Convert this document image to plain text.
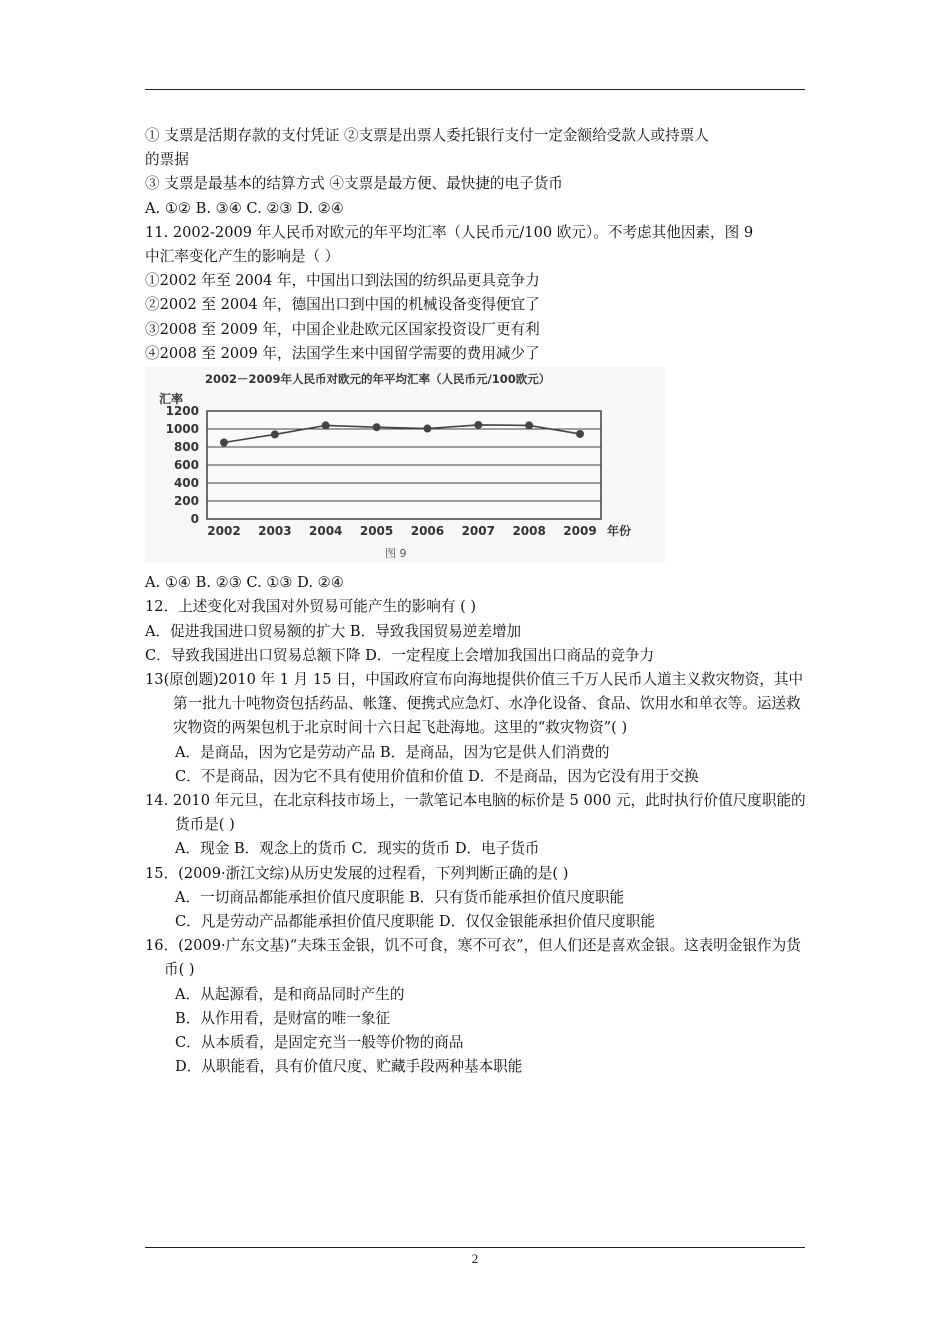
① 支票是活期存款的支付凭证 ②支票是出票人委托银行支付一定金额给受款人或持票人
的票据
③ 支票是最基本的结算方式 ④支票是最方便、最快捷的电子货币
A. ①② B. ③④ C. ②③ D. ②④
11. 2002-2009 年人民币对欧元的年平均汇率（人民币元/100 欧元）。不考虑其他因素，图 9
中汇率变化产生的影响是（ ）
①2002 年至 2004 年，中国出口到法国的纺织品更具竞争力
②2002 至 2004 年，德国出口到中国的机械设备变得便宜了
③2008 至 2009 年，中国企业赴欧元区国家投资设厂更有利
④2008 至 2009 年，法国学生来中国留学需要的费用减少了
2002－2009年人民币对欧元的年平均汇率（人民币元/100欧元）
汇率
0
200
400
600
800
1000
1200
2002 2003 2004 2005 2006 2007 2008 2009 年份
图 9
A. ①④ B. ②③ C. ①③ D. ②④
12．上述变化对我国对外贸易可能产生的影响有 ( )
A．促进我国进口贸易额的扩大 B．导致我国贸易逆差增加
C．导致我国进出口贸易总额下降 D．一定程度上会增加我国出口商品的竞争力
13(原创题)2010 年 1 月 15 日，中国政府宣布向海地提供价值三千万人民币人道主义救灾物资，其中第一批九十吨物资包括药品、帐篷、便携式应急灯、水净化设备、食品、饮用水和单衣等。运送救灾物资的两架包机于北京时间十六日起飞赴海地。这里的“救灾物资”( )
A．是商品，因为它是劳动产品 B．是商品，因为它是供人们消费的
C．不是商品，因为它不具有使用价值和价值 D．不是商品，因为它没有用于交换
14. 2010 年元旦，在北京科技市场上，一款笔记本电脑的标价是 5 000 元，此时执行价值尺度职能的货币是( )
A．现金 B．观念上的货币 C．现实的货币 D．电子货币
15．(2009·浙江文综)从历史发展的过程看，下列判断正确的是( )
A．一切商品都能承担价值尺度职能 B．只有货币能承担价值尺度职能
C．凡是劳动产品都能承担价值尺度职能 D．仅仅金银能承担价值尺度职能
16．(2009·广东文基)“夫珠玉金银，饥不可食，寒不可衣”，但人们还是喜欢金银。这表明金银作为货币( )
A．从起源看，是和商品同时产生的
B．从作用看，是财富的唯一象征
C．从本质看，是固定充当一般等价物的商品
D．从职能看，具有价值尺度、贮藏手段两种基本职能
2
